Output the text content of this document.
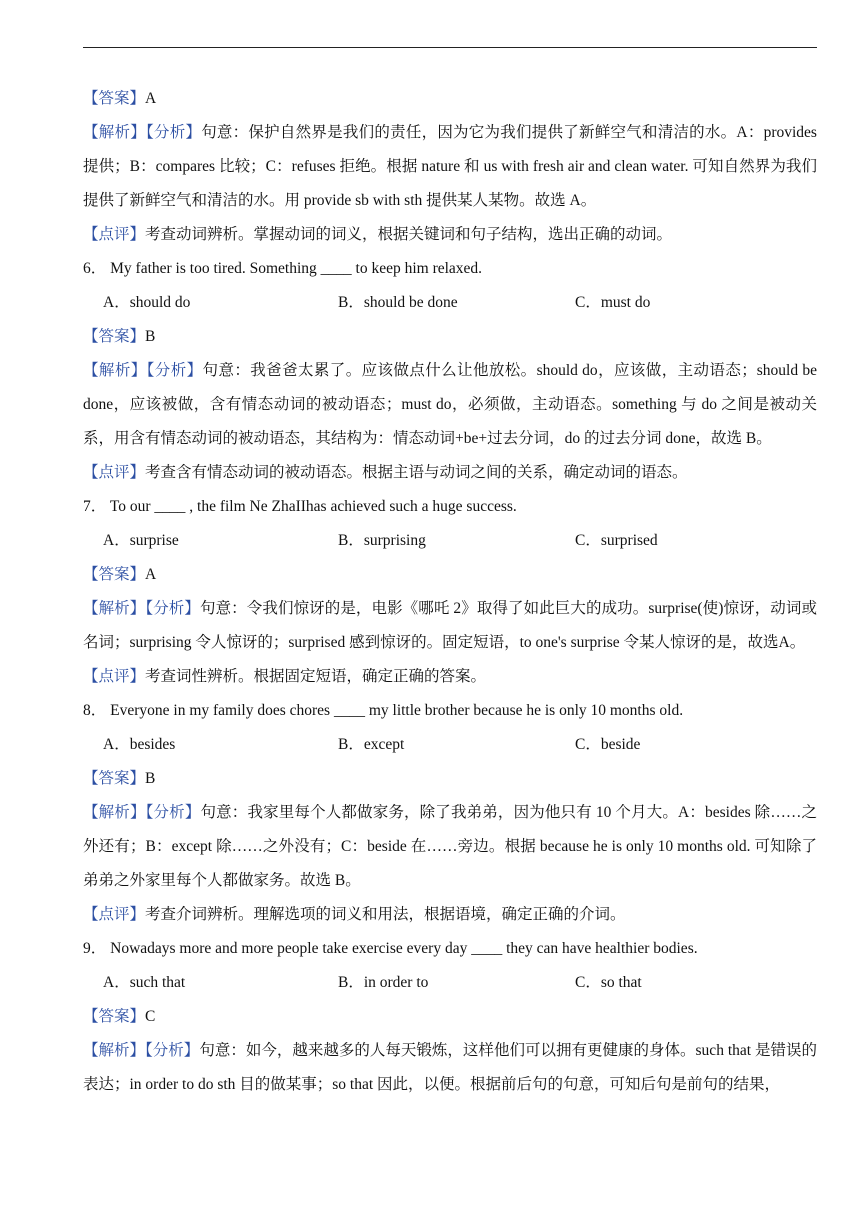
【答案】A
【解析】【分析】句意：保护自然界是我们的责任，因为它为我们提供了新鲜空气和清洁的水。A：provides提供；B：compares 比较；C：refuses 拒绝。根据 nature 和 us with fresh air and clean water. 可知自然界为我们提供了新鲜空气和清洁的水。用 provide sb with sth 提供某人某物。故选 A。
【点评】考查动词辨析。掌握动词的词义，根据关键词和句子结构，选出正确的动词。
6． My father is too tired. Something ____ to keep him relaxed.
A．should do	B．should be done	C．must do
【答案】B
【解析】【分析】句意：我爸爸太累了。应该做点什么让他放松。should do，应该做，主动语态；should be done，应该被做，含有情态动词的被动语态；must do，必须做，主动语态。something 与 do 之间是被动关系，用含有情态动词的被动语态，其结构为：情态动词+be+过去分词，do 的过去分词 done，故选 B。
【点评】考查含有情态动词的被动语态。根据主语与动词之间的关系，确定动词的语态。
7． To our ____ , the film Ne ZhaIIhas achieved such a huge success.
A．surprise	B．surprising	C．surprised
【答案】A
【解析】【分析】句意：令我们惊讶的是，电影《哪吒 2》取得了如此巨大的成功。surprise(使)惊讶，动词或名词；surprising 令人惊讶的；surprised 感到惊讶的。固定短语，to one's surprise 令某人惊讶的是，故选A。
【点评】考查词性辨析。根据固定短语，确定正确的答案。
8． Everyone in my family does chores ____ my little brother because he is only 10 months old.
A．besides	B．except	C．beside
【答案】B
【解析】【分析】句意：我家里每个人都做家务，除了我弟弟，因为他只有 10 个月大。A：besides 除……之外还有；B：except 除……之外没有；C：beside 在……旁边。根据 because he is only 10 months old. 可知除了弟弟之外家里每个人都做家务。故选 B。
【点评】考查介词辨析。理解选项的词义和用法，根据语境，确定正确的介词。
9． Nowadays more and more people take exercise every day ____ they can have healthier bodies.
A．such that	B．in order to	C．so that
【答案】C
【解析】【分析】句意：如今，越来越多的人每天锻炼，这样他们可以拥有更健康的身体。such that 是错误的表达；in order to do sth 目的做某事；so that 因此，以便。根据前后句的句意，可知后句是前句的结果，
